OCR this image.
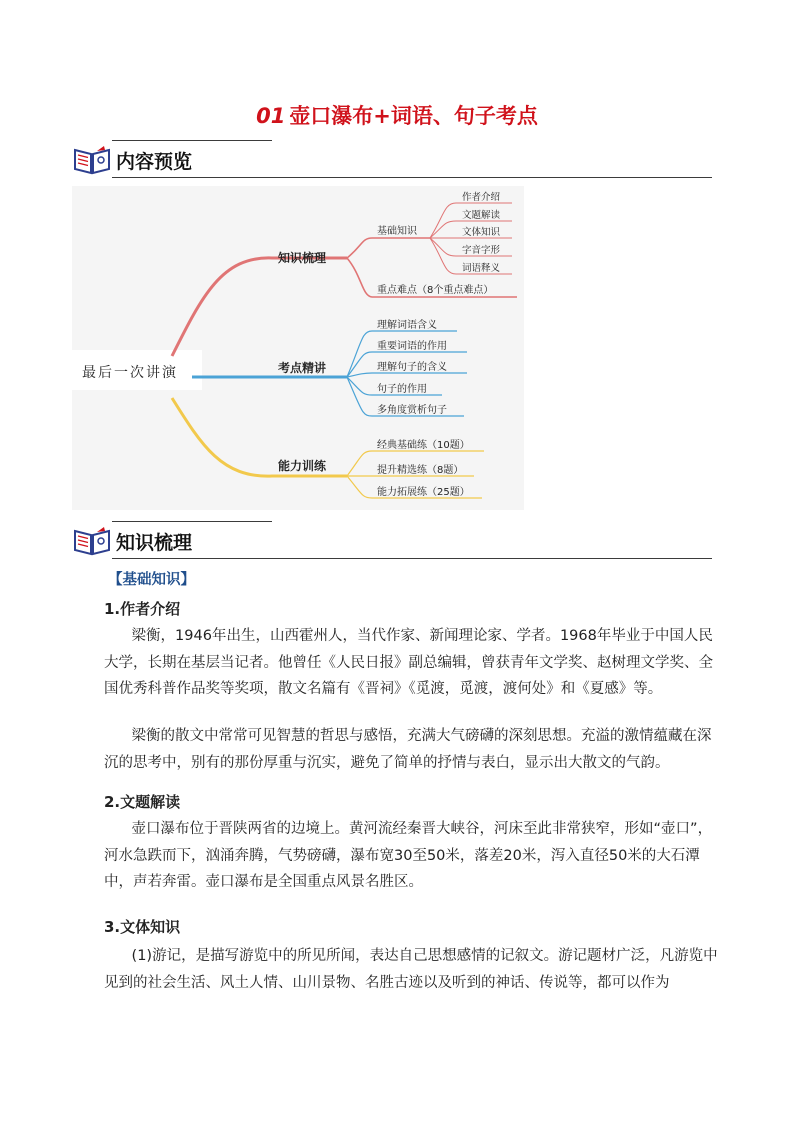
01 壶口瀑布+词语、句子考点
内容预览
最后一次讲演
知识梳理
考点精讲
能力训练
基础知识
重点难点（8个重点难点）
作者介绍
文题解读
文体知识
字音字形
词语释义
理解词语含义
重要词语的作用
理解句子的含义
句子的作用
多角度赏析句子
经典基础练（10题）
提升精选练（8题）
能力拓展练（25题）
知识梳理
【基础知识】
1.作者介绍

梁衡，1946年出生，山西霍州人，当代作家、新闻理论家、学者。1968年毕业于中国人民大学，长期在基层当记者。他曾任《人民日报》副总编辑，曾获青年文学奖、赵树理文学奖、全国优秀科普作品奖等奖项，散文名篇有《晋祠》《觅渡，觅渡，渡何处》和《夏感》等。

梁衡的散文中常常可见智慧的哲思与感悟，充满大气磅礴的深刻思想。充溢的激情蕴藏在深沉的思考中，别有的那份厚重与沉实，避免了简单的抒情与表白，显示出大散文的气韵。

2.文题解读

壶口瀑布位于晋陕两省的边境上。黄河流经秦晋大峡谷，河床至此非常狭窄，形如“壶口”，河水急跌而下，汹涌奔腾，气势磅礴，瀑布宽30至50米，落差20米，泻入直径50米的大石潭中，声若奔雷。壶口瀑布是全国重点风景名胜区。

3.文体知识

(1)游记，是描写游览中的所见所闻，表达自己思想感情的记叙文。游记题材广泛，凡游览中见到的社会生活、风土人情、山川景物、名胜古迹以及听到的神话、传说等，都可以作为
